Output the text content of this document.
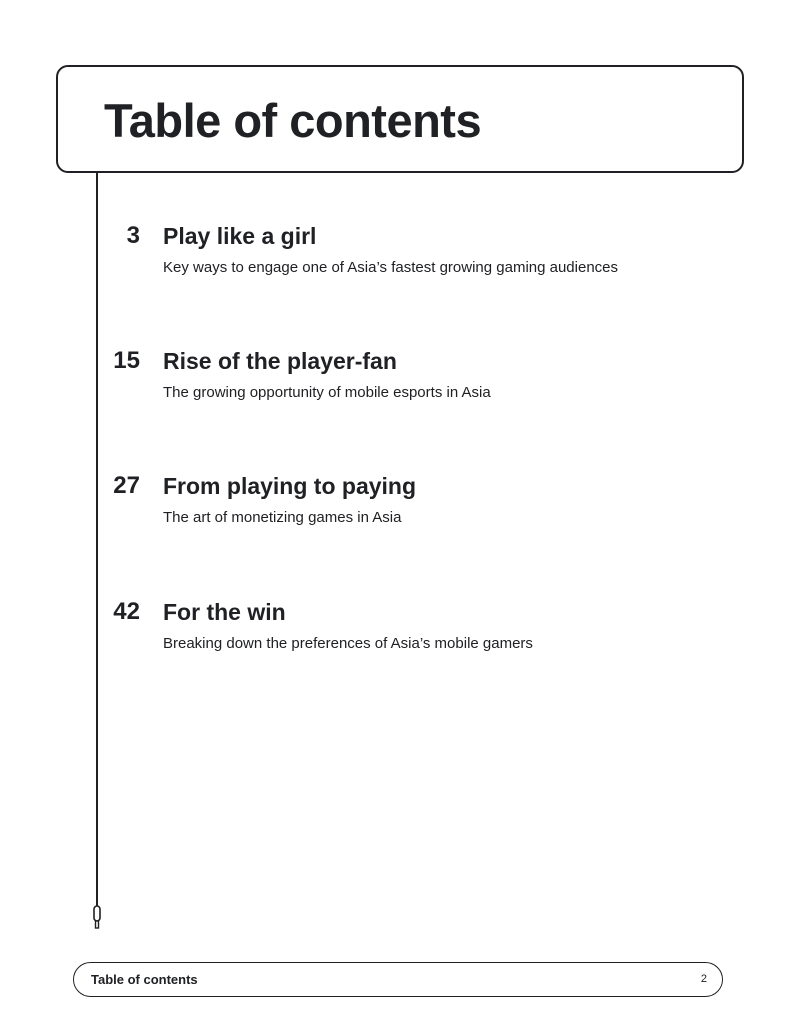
Table of contents
3 Play like a girl
Key ways to engage one of Asia’s fastest growing gaming audiences
15 Rise of the player-fan
The growing opportunity of mobile esports in Asia
27 From playing to paying
The art of monetizing games in Asia
42 For the win
Breaking down the preferences of Asia’s mobile gamers
Table of contents	2
